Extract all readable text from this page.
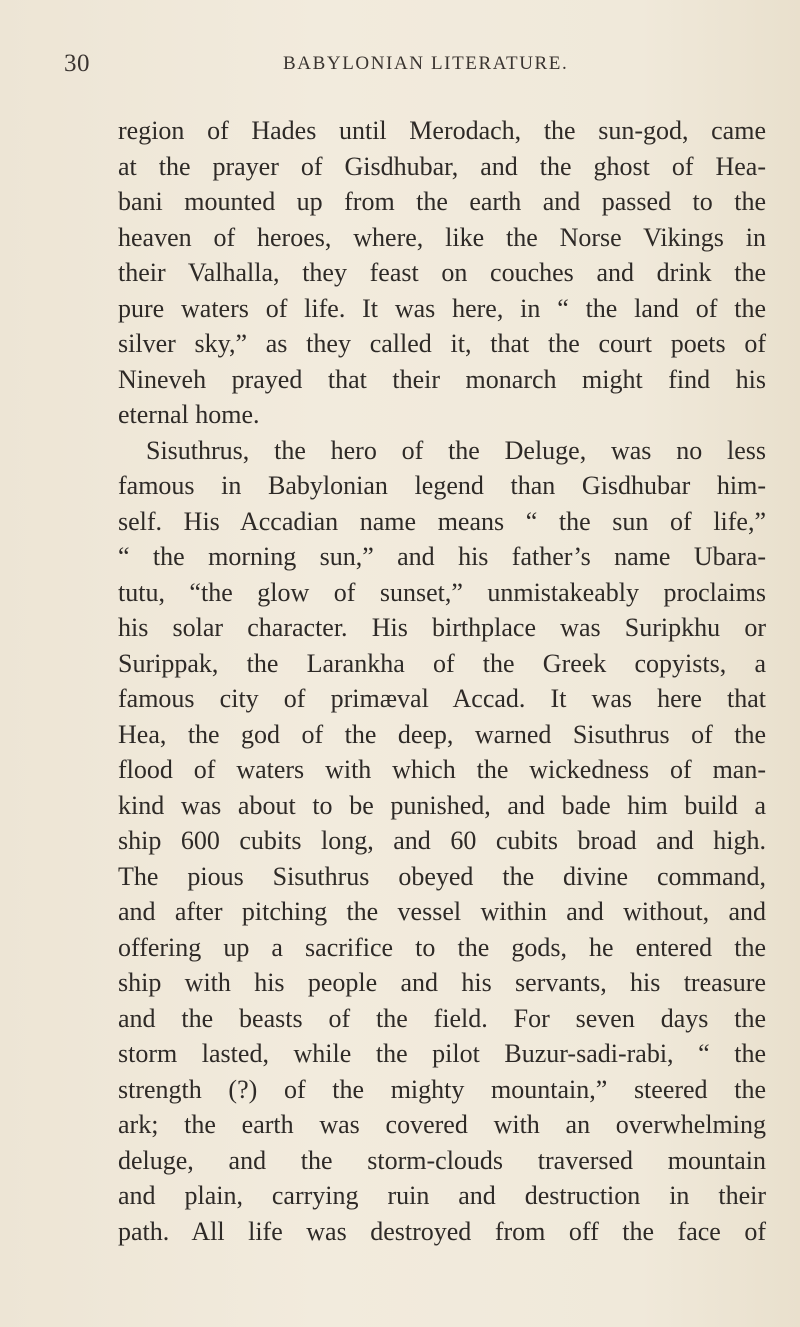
30	BABYLONIAN LITERATURE.
region of Hades until Merodach, the sun-god, came
at the prayer of Gisdhubar, and the ghost of Hea-
bani mounted up from the earth and passed to the
heaven of heroes, where, like the Norse Vikings in
their Valhalla, they feast on couches and drink the
pure waters of life. It was here, in “ the land of the
silver sky,” as they called it, that the court poets of
Nineveh prayed that their monarch might find his
eternal home.
Sisuthrus, the hero of the Deluge, was no less
famous in Babylonian legend than Gisdhubar him-
self. His Accadian name means “ the sun of life,”
“ the morning sun,” and his father’s name Ubara-
tutu, “the glow of sunset,” unmistakeably proclaims
his solar character. His birthplace was Suripkhu or
Surippak, the Larankha of the Greek copyists, a
famous city of primæval Accad. It was here that
Hea, the god of the deep, warned Sisuthrus of the
flood of waters with which the wickedness of man-
kind was about to be punished, and bade him build a
ship 600 cubits long, and 60 cubits broad and high.
The pious Sisuthrus obeyed the divine command,
and after pitching the vessel within and without, and
offering up a sacrifice to the gods, he entered the
ship with his people and his servants, his treasure
and the beasts of the field. For seven days the
storm lasted, while the pilot Buzur-sadi-rabi, “ the
strength (?) of the mighty mountain,” steered the
ark; the earth was covered with an overwhelming
deluge, and the storm-clouds traversed mountain
and plain, carrying ruin and destruction in their
path. All life was destroyed from off the face of
